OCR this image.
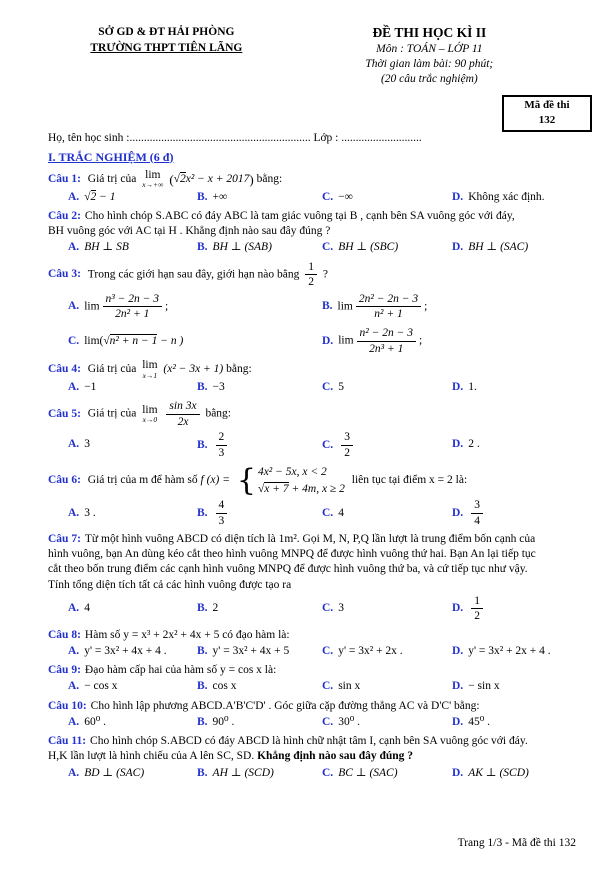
SỞ GD & ĐT HẢI PHÒNG
TRƯỜNG THPT TIÊN LÃNG
ĐỀ THI HỌC KÌ II
Môn : TOÁN – LỚP 11
Thời gian làm bài: 90 phút;
(20 câu trắc nghiệm)
Mã đề thi
132
Họ, tên học sinh :............................................................... Lớp : ............................
I. TRẮC NGHIỆM (6 đ)
Câu 1: Giá trị của lim
x→+∞ ( √ 2x² − x + 2017) bằng:
A. √ 2 − 1	B. +∞	C. −∞	D. Không xác định.
Câu 2: Cho hình chóp S.ABC có đáy ABC là tam giác vuông tại B , cạnh bên SA vuông góc với đáy,
BH vuông góc với AC tại H . Khẳng định nào sau đây đúng ?
A. BH ⊥ SB	B. BH ⊥ (SAB)	C. BH ⊥ (SBC)	D. BH ⊥ (SAC)
Câu 3: Trong các giới hạn sau đây, giới hạn nào bằng $\frac{1}{2}$ ?
A. $\lim \frac{\text{n³ − 2n − 3}}{\text{2n² + 1}}$ ;	B. $\lim \frac{\text{2n² − 2n − 3}}{\text{n² + 1}}$ ;
C. lim( √ n² + n − 1 − n )	D. $\lim \frac{\text{n² − 2n − 3}}{\text{2n³ + 1}}$ ;
Câu 4: Giá trị của lim
x→1
(x² − 3x + 1) bằng:
A. −1	B. −3	C. 5	D. 1.
Câu 5: Giá trị của lim
x→0
$\frac{\sin 3x}{2x}$ bằng:
A. 3	B. $\frac{2}{3}$	C. $\frac{3}{2}$	D. 2 .
Câu 6: Giá trị của m để hàm số f (x) =
{ 4x² − 5x, x < 2
√ x + 7 + 4m, x ≥ 2
liên tục tại điểm x = 2 là:
A. 3 .	B. $\frac{4}{3}$	C. 4	D. $\frac{3}{4}$
Câu 7: Từ một hình vuông ABCD có diện tích là 1m². Gọi M, N, P,Q lần lượt là trung điểm bốn cạnh của
hình vuông, bạn An dùng kéo cắt theo hình vuông MNPQ để được hình vuông thứ hai. Bạn An lại tiếp tục
cắt theo bốn trung điểm các cạnh hình vuông MNPQ để được hình vuông thứ ba, và cứ tiếp tục như vậy.
Tính tổng diện tích tất cả các hình vuông được tạo ra
A. 4	B. 2	C. 3	D. $\frac{1}{2}$
Câu 8: Hàm số y = x³ + 2x² + 4x + 5 có đạo hàm là:
A. y' = 3x² + 4x + 4 .	B. y' = 3x² + 4x + 5	C. y' = 3x² + 2x .	D. y' = 3x² + 2x + 4 .
Câu 9: Đạo hàm cấp hai của hàm số y = cos x là:
A. − cos x	B. cos x	C. sin x	D. − sin x
Câu 10: Cho hình lập phương ABCD.A'B'C'D' . Góc giữa cặp đường thẳng AC và D'C' bằng:
A. 60⁰ .	B. 90⁰ .	C. 30⁰ .	D. 45⁰ .
Câu 11: Cho hình chóp S.ABCD có đáy ABCD là hình chữ nhật tâm I, cạnh bên SA vuông góc với đáy.
H,K lần lượt là hình chiếu của A lên SC, SD. Khẳng định nào sau đây đúng ?
A. BD ⊥ (SAC)	B. AH ⊥ (SCD)	C. BC ⊥ (SAC)	D. AK ⊥ (SCD)
Trang 1/3 - Mã đề thi 132
